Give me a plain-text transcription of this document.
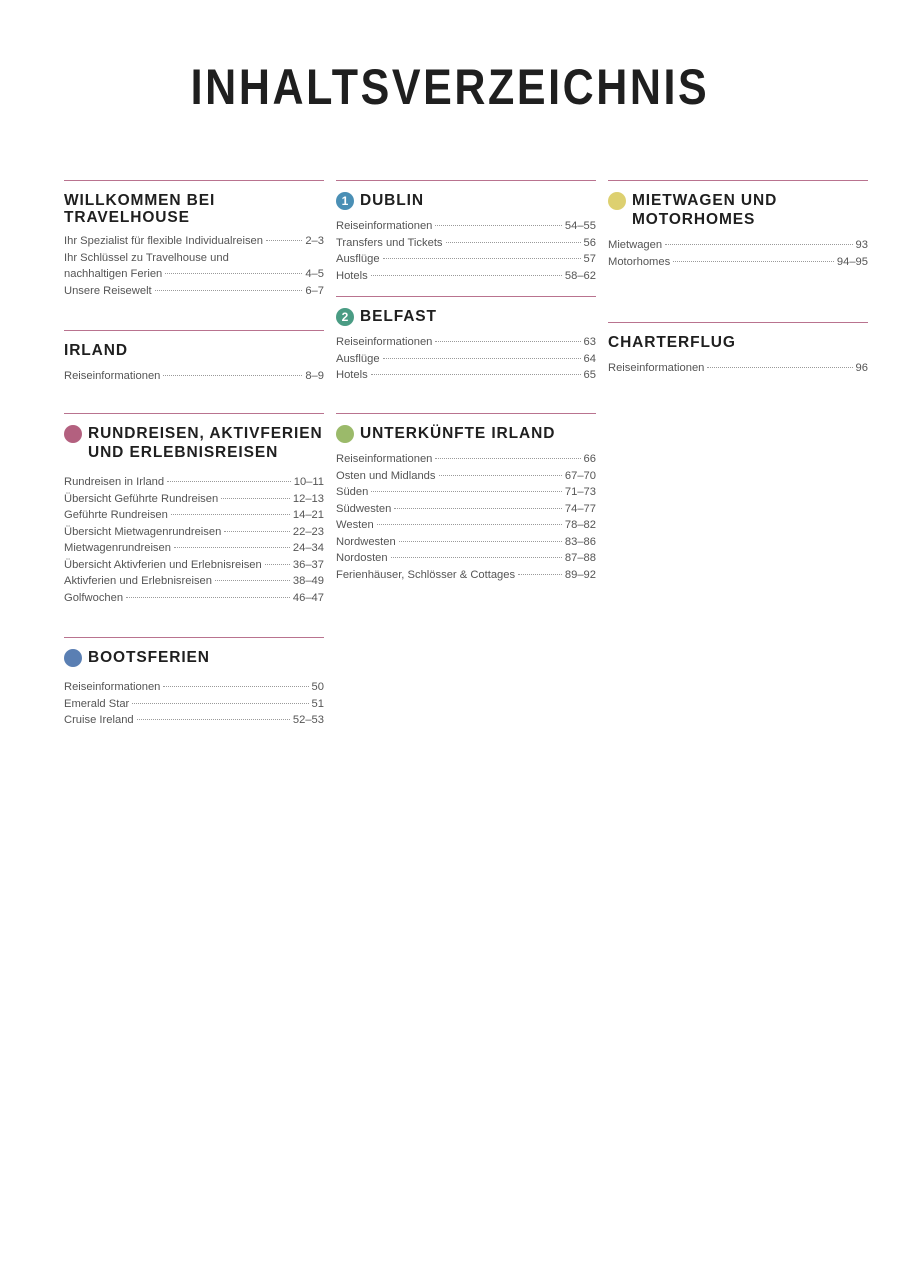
INHALTSVERZEICHNIS
WILLKOMMEN BEI
TRAVELHOUSE
Ihr Spezialist für flexible Individualreisen	2–3
Ihr Schlüssel zu Travelhouse und
nachhaltigen Ferien	4–5
Unsere Reisewelt	6–7
IRLAND
Reiseinformationen	8–9
RUNDREISEN, AKTIVFERIEN
UND ERLEBNISREISEN
Rundreisen in Irland	10–11
Übersicht Geführte Rundreisen	12–13
Geführte Rundreisen	14–21
Übersicht Mietwagenrundreisen	22–23
Mietwagenrundreisen	24–34
Übersicht Aktivferien und Erlebnisreisen	36–37
Aktivferien und Erlebnisreisen	38–49
Golfwochen	46–47
BOOTSFERIEN
Reiseinformationen	50
Emerald Star	51
Cruise Ireland	52–53
1 DUBLIN
Reiseinformationen	54–55
Transfers und Tickets	56
Ausflüge	57
Hotels	58–62
2 BELFAST
Reiseinformationen	63
Ausflüge	64
Hotels	65
UNTERKÜNFTE IRLAND
Reiseinformationen	66
Osten und Midlands	67–70
Süden	71–73
Südwesten	74–77
Westen	78–82
Nordwesten	83–86
Nordosten	87–88
Ferienhäuser, Schlösser & Cottages	89–92
MIETWAGEN UND
MOTORHOMES
Mietwagen	93
Motorhomes	94–95
CHARTERFLUG
Reiseinformationen	96
